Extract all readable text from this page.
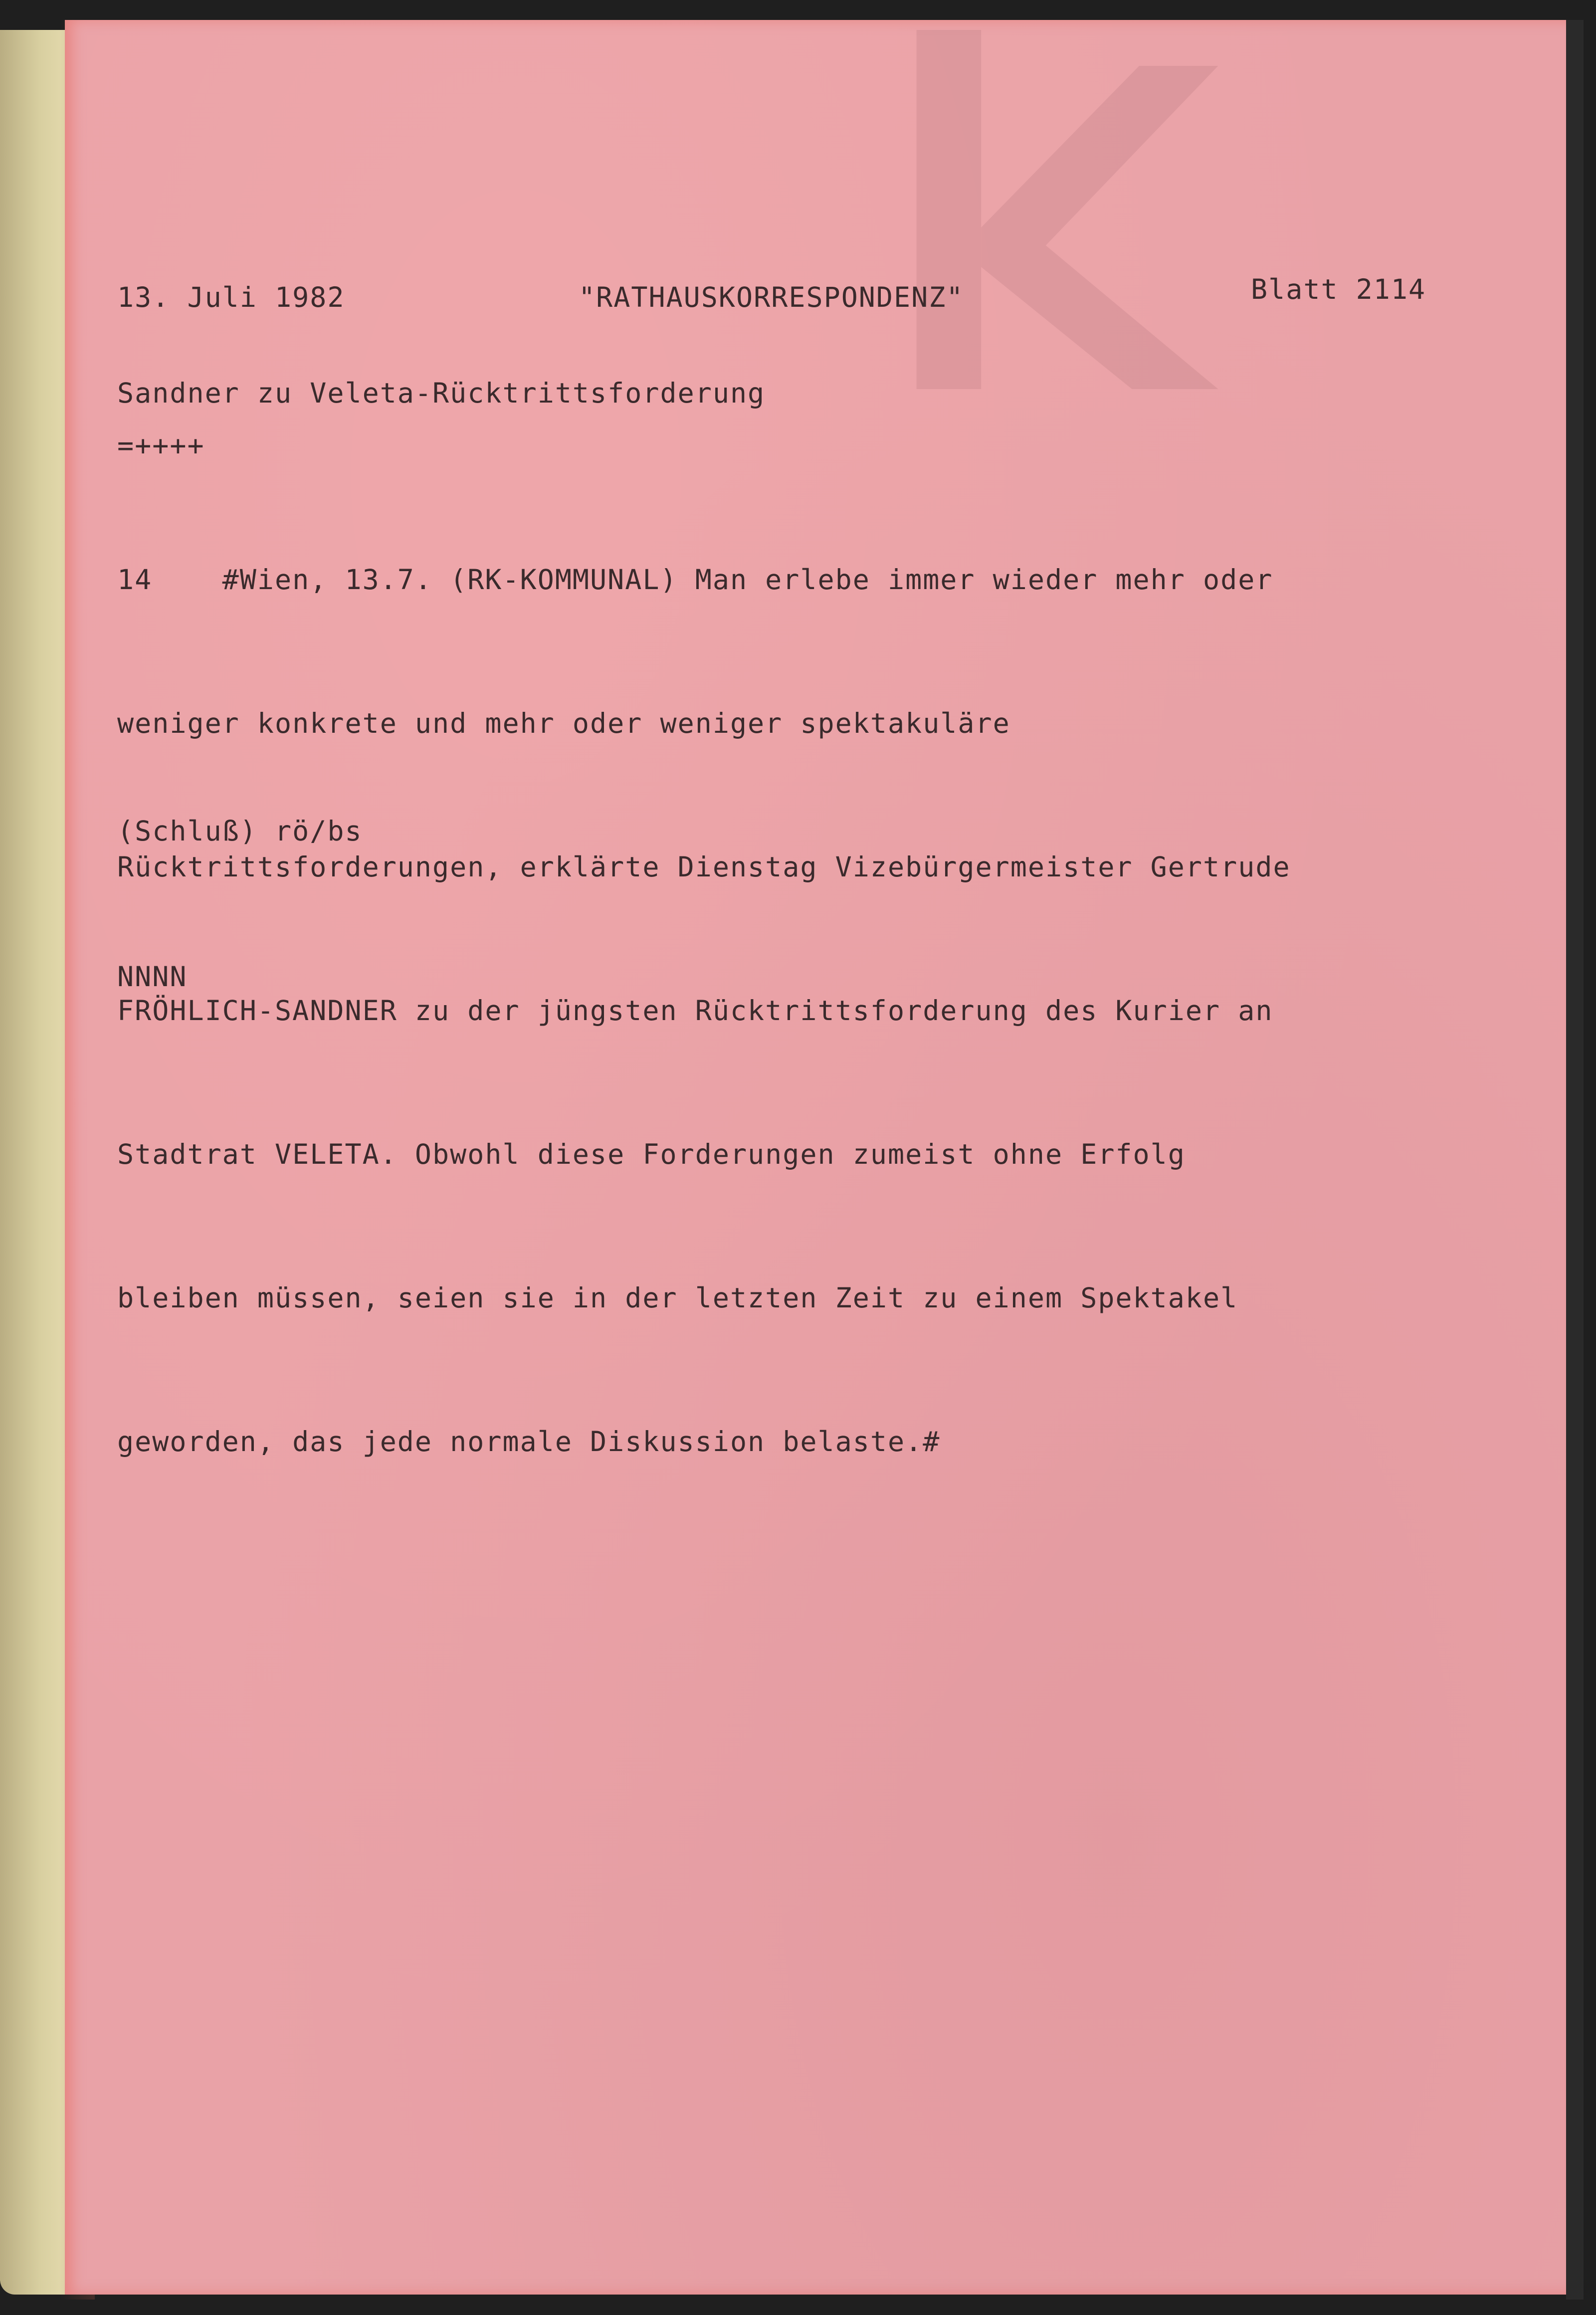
13. Juli 1982	"RATHAUSKORRESPONDENZ"	Blatt 2114
Sandner zu Veleta-Rücktrittsforderung
=++++

14    #Wien, 13.7. (RK-KOMMUNAL) Man erlebe immer wieder mehr oder

weniger konkrete und mehr oder weniger spektakuläre

Rücktrittsforderungen, erklärte Dienstag Vizebürgermeister Gertrude

FRÖHLICH-SANDNER zu der jüngsten Rücktrittsforderung des Kurier an

Stadtrat VELETA. Obwohl diese Forderungen zumeist ohne Erfolg

bleiben müssen, seien sie in der letzten Zeit zu einem Spektakel

geworden, das jede normale Diskussion belaste.#

(Schluß) rö/bs
NNNN
